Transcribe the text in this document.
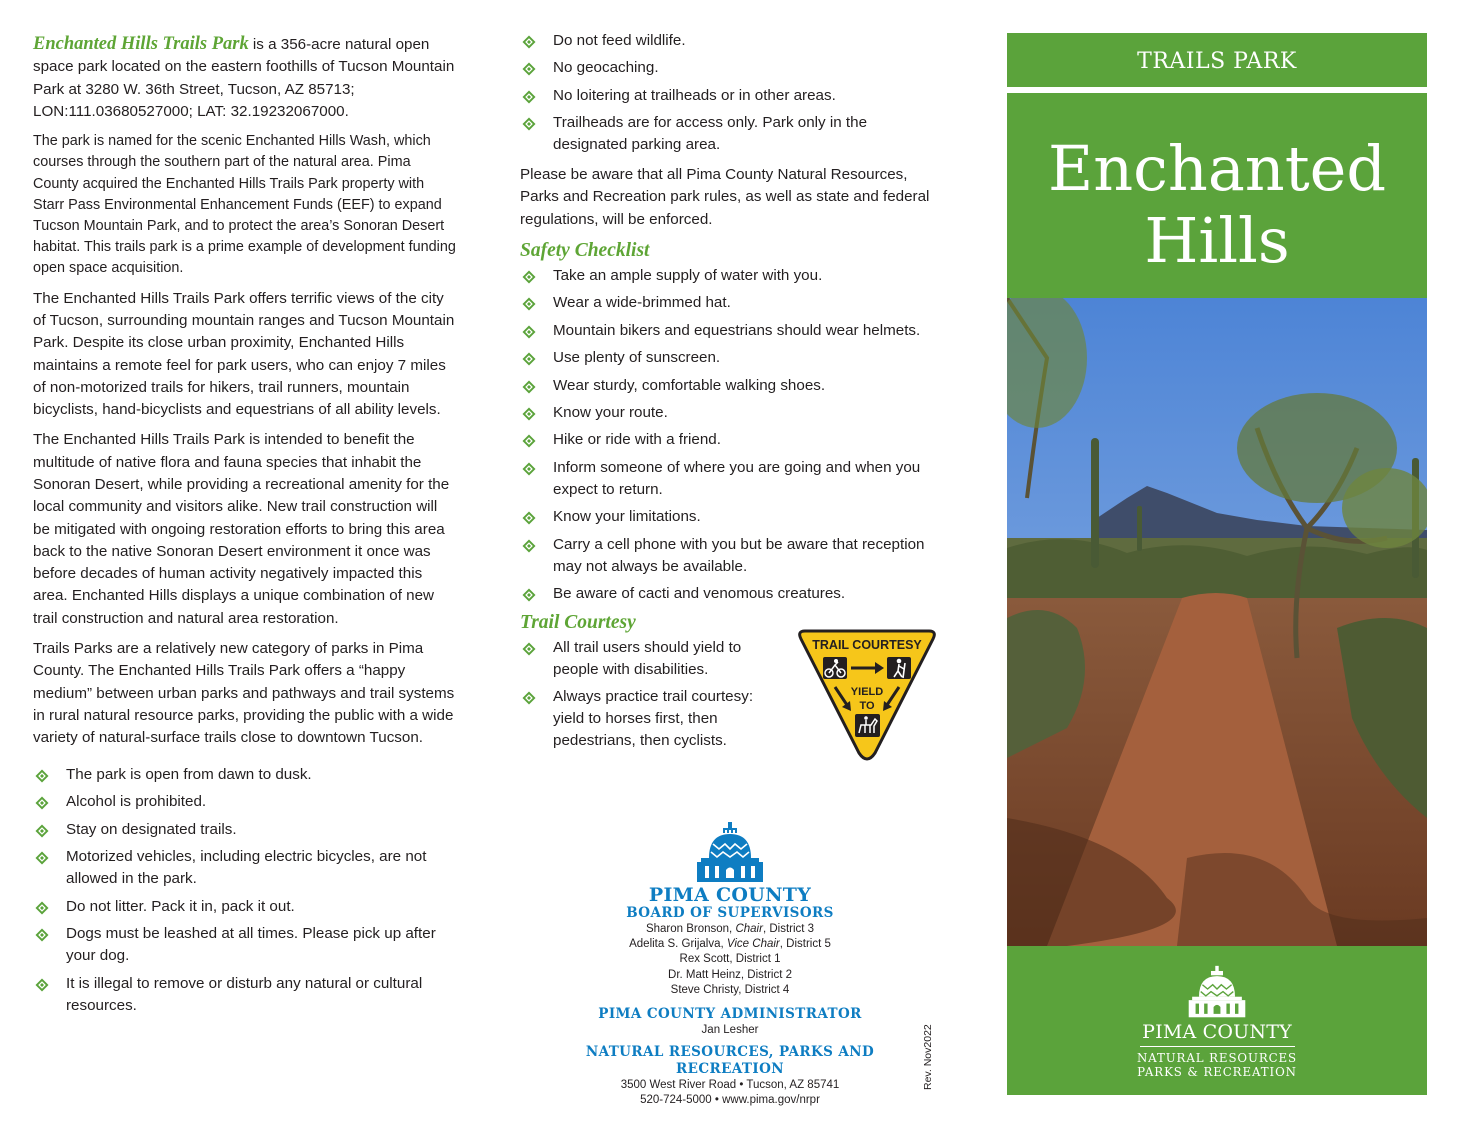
Enchanted Hills Trails Park is a 356-acre natural open space park located on the eastern foothills of Tucson Mountain Park at 3280 W. 36th Street, Tucson, AZ 85713; LON:111.03680527000; LAT: 32.19232067000.

The park is named for the scenic Enchanted Hills Wash, which courses through the southern part of the natural area. Pima County acquired the Enchanted Hills Trails Park property with Starr Pass Environmental Enhancement Funds (EEF) to expand Tucson Mountain Park, and to protect the area’s Sonoran Desert habitat. This trails park is a prime example of development funding open space acquisition.

The Enchanted Hills Trails Park offers terrific views of the city of Tucson, surrounding mountain ranges and Tucson Mountain Park. Despite its close urban proximity, Enchanted Hills maintains a remote feel for park users, who can enjoy 7 miles of non-motorized trails for hikers, trail runners, mountain bicyclists, hand-bicyclists and equestrians of all ability levels.

The Enchanted Hills Trails Park is intended to benefit the multitude of native flora and fauna species that inhabit the Sonoran Desert, while providing a recreational amenity for the local community and visitors alike. New trail construction will be mitigated with ongoing restoration efforts to bring this area back to the native Sonoran Desert environment it once was before decades of human activity negatively impacted this area. Enchanted Hills displays a unique combination of new trail construction and natural area restoration.

Trails Parks are a relatively new category of parks in Pima County. The Enchanted Hills Trails Park offers a “happy medium” between urban parks and pathways and trail systems in rural natural resource parks, providing the public with a wide variety of natural-surface trails close to downtown Tucson.

The park is open from dawn to dusk.
Alcohol is prohibited.
Stay on designated trails.
Motorized vehicles, including electric bicycles, are not allowed in the park.
Do not litter. Pack it in, pack it out.
Dogs must be leashed at all times. Please pick up after your dog.
It is illegal to remove or disturb any natural or cultural resources.
Do not feed wildlife.
No geocaching.
No loitering at trailheads or in other areas.
Trailheads are for access only. Park only in the designated parking area.

Please be aware that all Pima County Natural Resources, Parks and Recreation park rules, as well as state and federal regulations, will be enforced.

Safety Checklist
Take an ample supply of water with you.
Wear a wide-brimmed hat.
Mountain bikers and equestrians should wear helmets.
Use plenty of sunscreen.
Wear sturdy, comfortable walking shoes.
Know your route.
Hike or ride with a friend.
Inform someone of where you are going and when you expect to return.
Know your limitations.
Carry a cell phone with you but be aware that reception may not always be available.
Be aware of cacti and venomous creatures.
Trail Courtesy
All trail users should yield to people with disabilities.
Always practice trail courtesy: yield to horses first, then pedestrians, then cyclists.
TRAIL COURTESY
YIELD
TO
PIMA COUNTY
BOARD OF SUPERVISORS
Sharon Bronson, Chair, District 3
Adelita S. Grijalva, Vice Chair, District 5
Rex Scott, District 1
Dr. Matt Heinz, District 2
Steve Christy, District 4
PIMA COUNTY ADMINISTRATOR
Jan Lesher
NATURAL RESOURCES, PARKS AND RECREATION
3500 West River Road • Tucson, AZ 85741
520-724-5000 • www.pima.gov/nrpr
Rev. Nov2022
TRAILS PARK
Enchanted
Hills
PIMA COUNTY
NATURAL RESOURCES
PARKS & RECREATION
